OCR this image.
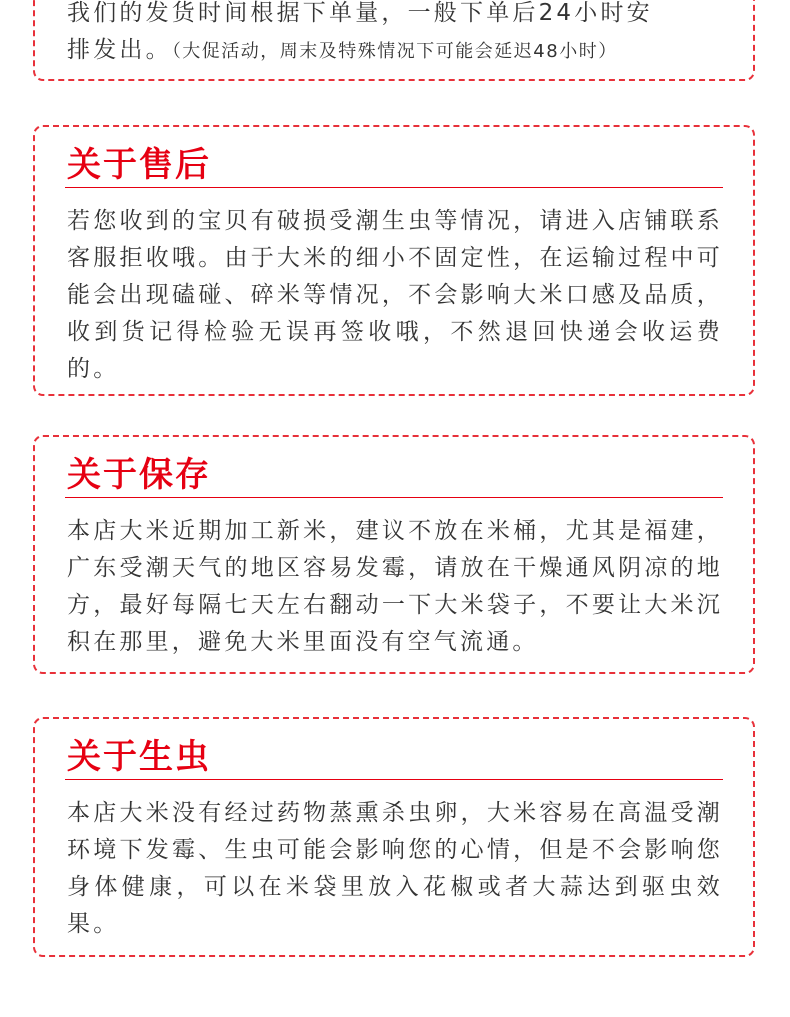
我们的发货时间根据下单量，一般下单后24小时安
排发出。（大促活动，周末及特殊情况下可能会延迟48小时）
关于售后
若您收到的宝贝有破损受潮生虫等情况，请进入店铺联系客服拒收哦。由于大米的细小不固定性，在运输过程中可能会出现磕碰、碎米等情况，不会影响大米口感及品质，收到货记得检验无误再签收哦，不然退回快递会收运费的。
关于保存
本店大米近期加工新米，建议不放在米桶，尤其是福建，广东受潮天气的地区容易发霉，请放在干燥通风阴凉的地方，最好每隔七天左右翻动一下大米袋子，不要让大米沉积在那里，避免大米里面没有空气流通。
关于生虫
本店大米没有经过药物蒸熏杀虫卵，大米容易在高温受潮环境下发霉、生虫可能会影响您的心情，但是不会影响您身体健康，可以在米袋里放入花椒或者大蒜达到驱虫效果。
